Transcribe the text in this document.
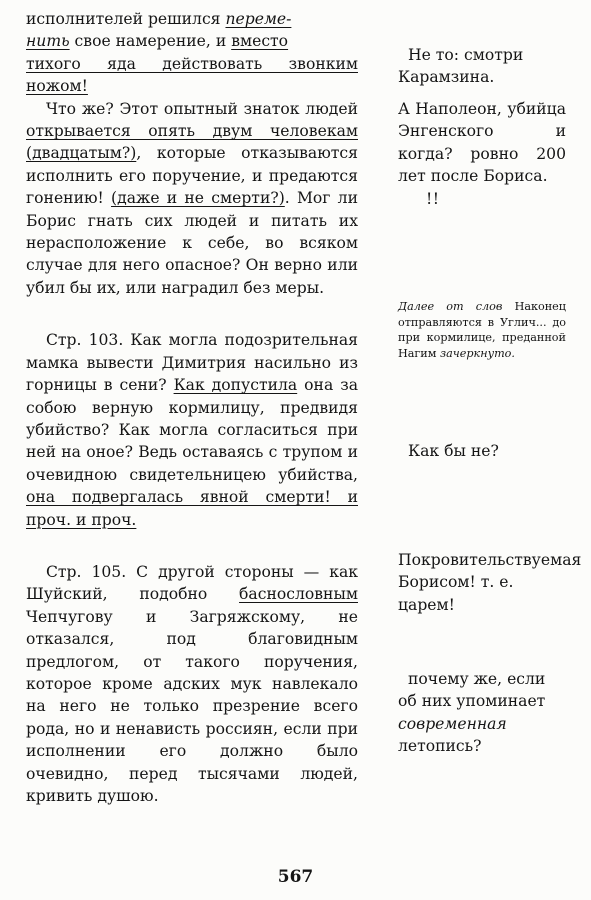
исполнителей решился переме-
нить свое намерение, и вместо
тихого яда действовать звонким
ножом!

Что же? Этот опытный знаток людей открывается опять двум человекам (двадцатым?), которые отказываются исполнить его поручение, и предаются гонению! (даже и не смерти?). Мог ли Борис гнать сих людей и питать их нерасположение к себе, во всяком случае для него опасное? Он верно или убил бы их, или наградил без меры.

Стр. 103. Как могла подозрительная мамка вывести Димитрия насильно из горницы в сени? Как допустила она за собою верную кормилицу, предвидя убийство? Как могла согласиться при ней на оное? Ведь оставаясь с трупом и очевидною свидетельницею убийства, она подвергалась явной смерти! и проч. и проч.

Стр. 105. С другой стороны — как Шуйский, подобно баснословным Чепчугову и Загряжскому, не отказался, под благовидным предлогом, от такого поручения, которое кроме адских мук навлекало на него не только презрение всего рода, но и ненависть россиян, если при исполнении его должно было очевидно, перед тысячами людей, кривить душою.

Не то: смотри Карамзина.
А Наполеон, убийца Энгенского и когда? ровно 200 лет после Бориса.
!!
Далее от слов Наконец отправляются в Углич... до при кормилице, преданной Нагим зачеркнуто.
Как бы не?
Покровительствуемая Борисом! т. е. царем!
почему же, если об них упоминает современная летопись?
567
